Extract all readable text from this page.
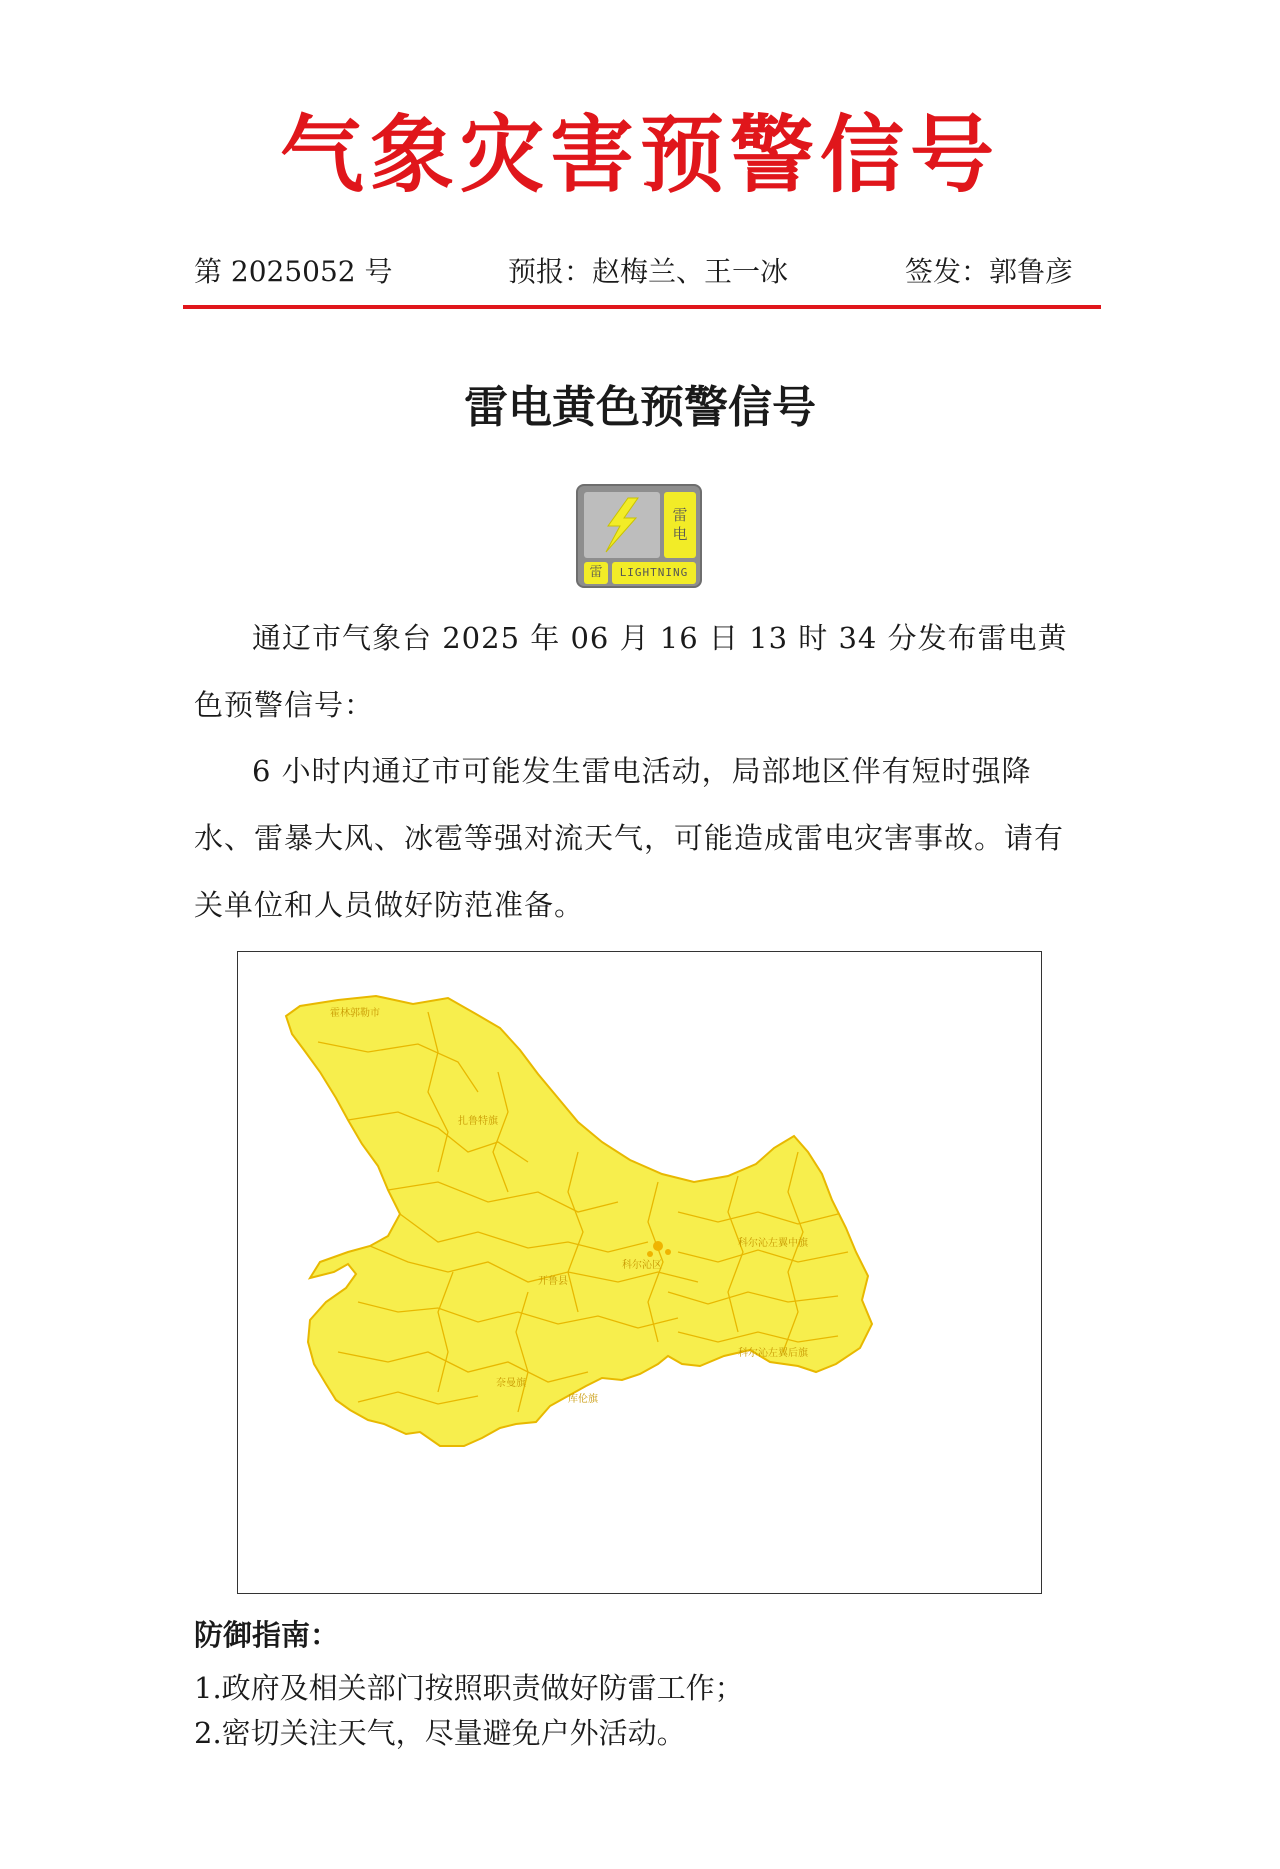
气象灾害预警信号
第 2025052 号	预报：赵梅兰、王一冰	签发：郭鲁彦
雷电黄色预警信号
雷
电
雷	LIGHTNING
通辽市气象台 2025 年 06 月 16 日 13 时 34 分发布雷电黄色预警信号：
6 小时内通辽市可能发生雷电活动，局部地区伴有短时强降水、雷暴大风、冰雹等强对流天气，可能造成雷电灾害事故。请有关单位和人员做好防范准备。
霍林郭勒市
扎鲁特旗
科尔沁左翼中旗
开鲁县
科尔沁区
科尔沁左翼后旗
奈曼旗
库伦旗
防御指南：
1.政府及相关部门按照职责做好防雷工作；
2.密切关注天气，尽量避免户外活动。
